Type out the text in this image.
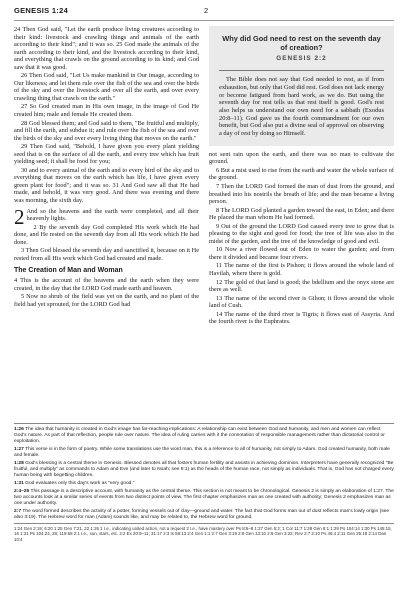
GENESIS 1:24	2

24 Then God said, "Let the earth produce living creatures according to their kind: livestock and crawling things and animals of the earth according to their kind"; and it was so. 25 God made the animals of the earth according to their kind, and the livestock according to their kind, and everything that crawls on the ground according to its kind; and God saw that it was good.

26 Then God said, "Let Us make mankind in Our image, according to Our likeness; and let them rule over the fish of the sea and over the birds of the sky and over the livestock and over all the earth, and over every crawling thing that crawls on the earth."

27 So God created man in His own image, in the image of God He created him; male and female He created them.

28 God blessed them; and God said to them, "Be fruitful and multiply, and fill the earth, and subdue it; and rule over the fish of the sea and over the birds of the sky and over every living thing that moves on the earth."

29 Then God said, "Behold, I have given you every plant yielding seed that is on the surface of all the earth, and every tree which has fruit yielding seed; it shall be food for you;

30 and to every animal of the earth and to every bird of the sky and to everything that moves on the earth which has life, I have given every green plant for food"; and it was so. 31 And God saw all that He had made, and behold, it was very good. And there was evening and there was morning, the sixth day.

2 And so the heavens and the earth were completed, and all their heavenly lights.

2 By the seventh day God completed His work which He had done, and He rested on the seventh day from all His work which He had done.

3 Then God blessed the seventh day and sanctified it, because on it He rested from all His work which God had created and made.

The Creation of Man and Woman

4 This is the account of the heavens and the earth when they were created, in the day that the LORD God made earth and heaven.

5 Now no shrub of the field was yet on the earth, and no plant of the field had yet sprouted, for the LORD God had

Why did God need to rest on the seventh day of creation?
GENESIS 2:2

The Bible does not say that God needed to rest, as if from exhaustion, but only that God did rest. God does not lack energy or become fatigued from hard work, as we do. But using the seventh day for rest tells us that rest itself is good. God's rest also helps us understand our own need for a sabbath (Exodus 20:8–11). God gave us the fourth commandment for our own benefit, but God also put a divine seal of approval on observing a day of rest by doing so Himself.

not sent rain upon the earth, and there was no man to cultivate the ground.

6 But a mist used to rise from the earth and water the whole surface of the ground.

7 Then the LORD God formed the man of dust from the ground, and breathed into his nostrils the breath of life; and the man became a living person.

8 The LORD God planted a garden toward the east, in Eden; and there He placed the man whom He had formed.

9 Out of the ground the LORD God caused every tree to grow that is pleasing to the sight and good for food; the tree of life was also in the midst of the garden, and the tree of the knowledge of good and evil.

10 Now a river flowed out of Eden to water the garden; and from there it divided and became four rivers.

11 The name of the first is Pishon; it flows around the whole land of Havilah, where there is gold.

12 The gold of that land is good; the bdellium and the onyx stone are there as well.

13 The name of the second river is Gihon; it flows around the whole land of Cush.

14 The name of the third river is Tigris; it flows east of Assyria. And the fourth river is the Euphrates.

1:26 The idea that humanity is created in God's image has far-reaching implications: A relationship can exist between God and humanity, and men and women can reflect God's nature. As part of that reflection, people rule over nature. The idea of ruling carries with it the connotation of responsible management rather than dictatorial control or exploitation.

1:27 This verse is in the form of poetry. While some translations use the word man, this is a reference to all of humanity, not simply to Adam. God created humanity, both male and female.

1:28 God's blessing is a central theme in Genesis. Blessed denotes all that fosters human fertility and assists in achieving dominion. Interpreters have generally recognized "Be fruitful, and multiply" as commands to Adam and Eve (and later to Noah; see 9:1) as the heads of the human race, not simply as individuals. That is, God has not charged every human being with begetting children.

1:31 God evaluates only this day's work as "very good."

2:4–25 This passage is a descriptive account, with humanity as the central theme. This section is not meant to be chronological. Genesis 2 is simply an elaboration of 1:27. The two accounts look at a similar series of events from two distinct points of view. The first chapter emphasizes man as one created with authority; Genesis 2 emphasizes man as one under authority.

2:7 The word formed describes the activity of a potter, forming vessels out of clay—ground and water. The fact that God forms man out of dust reflects man's lowly origin (see also 3:19). The Hebrew word for man (Adam) sounds like, and may be related to, the Hebrew word for ground.

1:24 Gen 2:19; 6:20 1:25 Gen 7:21, 22 1:26 1 I.e., indicating united action, not a request 2 I.e., have mastery over Ps 8:6–8 1:27 Gen 5:2; 1 Cor 11:7 1:28 Gen 9:1 1:29 Ps 104:14 1:30 Ps 145:15, 16 1:31 Ps 104:24, 28; 119:68 2:1 I.e., sun, stars, etc. 2:2 Ex 20:9–11; 31:17 2:3 Is 58:13 2:4 Gen 1:1 2:7 Gen 3:19 2:8 Gen 13:10 2:9 Gen 3:22; Rev 2:7 2:10 Ps 46:4 2:11 Gen 25:18 2:14 Dan 10:4
